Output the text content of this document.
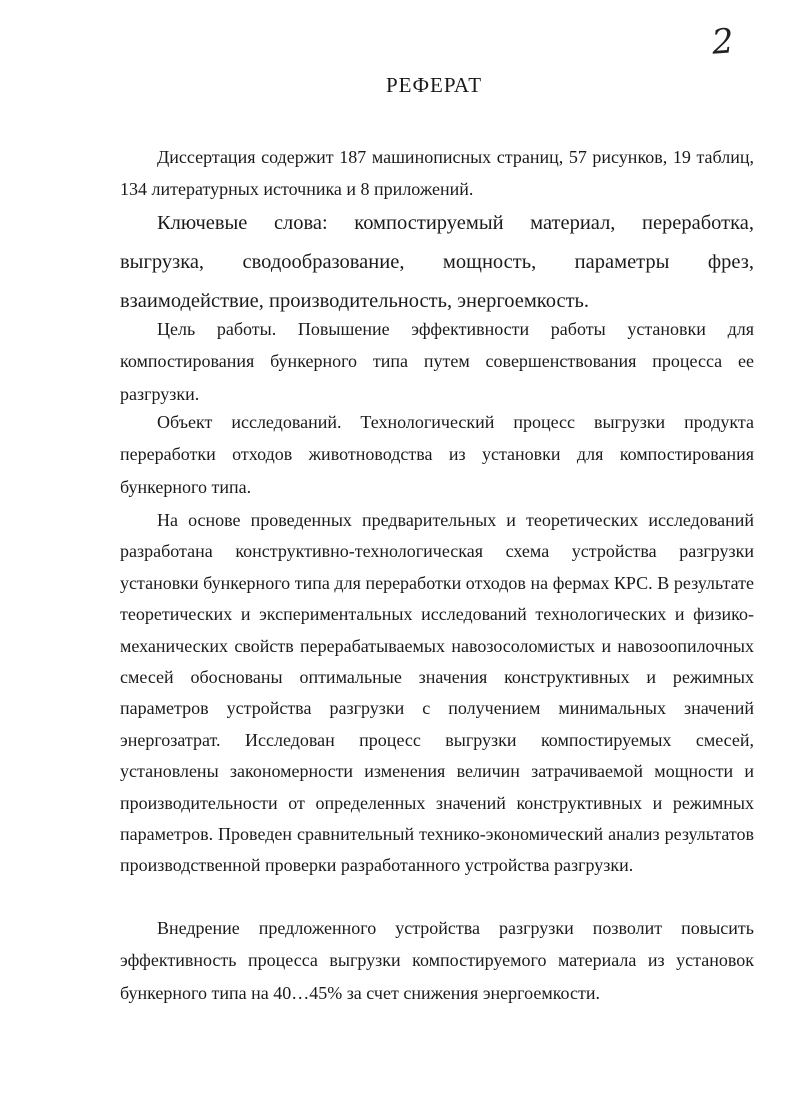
2
РЕФЕРАТ

Диссертация содержит 187 машинописных страниц, 57 рисунков, 19 таблиц, 134 литературных источника и 8 приложений.

Ключевые слова: компостируемый материал, переработка, выгрузка, сводообразование, мощность, параметры фрез, взаимодействие, производительность, энергоемкость.

Цель работы. Повышение эффективности работы установки для компостирования бункерного типа путем совершенствования процесса ее разгрузки.

Объект исследований. Технологический процесс выгрузки продукта переработки отходов животноводства из установки для компостирования бункерного типа.

На основе проведенных предварительных и теоретических исследований разработана конструктивно-технологическая схема устройства разгрузки установки бункерного типа для переработки отходов на фермах КРС. В результате теоретических и экспериментальных исследований технологических и физико-механических свойств перерабатываемых навозосоломистых и навозоопилочных смесей обоснованы оптимальные значения конструктивных и режимных параметров устройства разгрузки с получением минимальных значений энергозатрат. Исследован процесс выгрузки компостируемых смесей, установлены закономерности изменения величин затрачиваемой мощности и производительности от определенных значений конструктивных и режимных параметров. Проведен сравнительный технико-экономический анализ результатов производственной проверки разработанного устройства разгрузки.

Внедрение предложенного устройства разгрузки позволит повысить эффективность процесса выгрузки компостируемого материала из установок бункерного типа на 40…45% за счет снижения энергоемкости.
